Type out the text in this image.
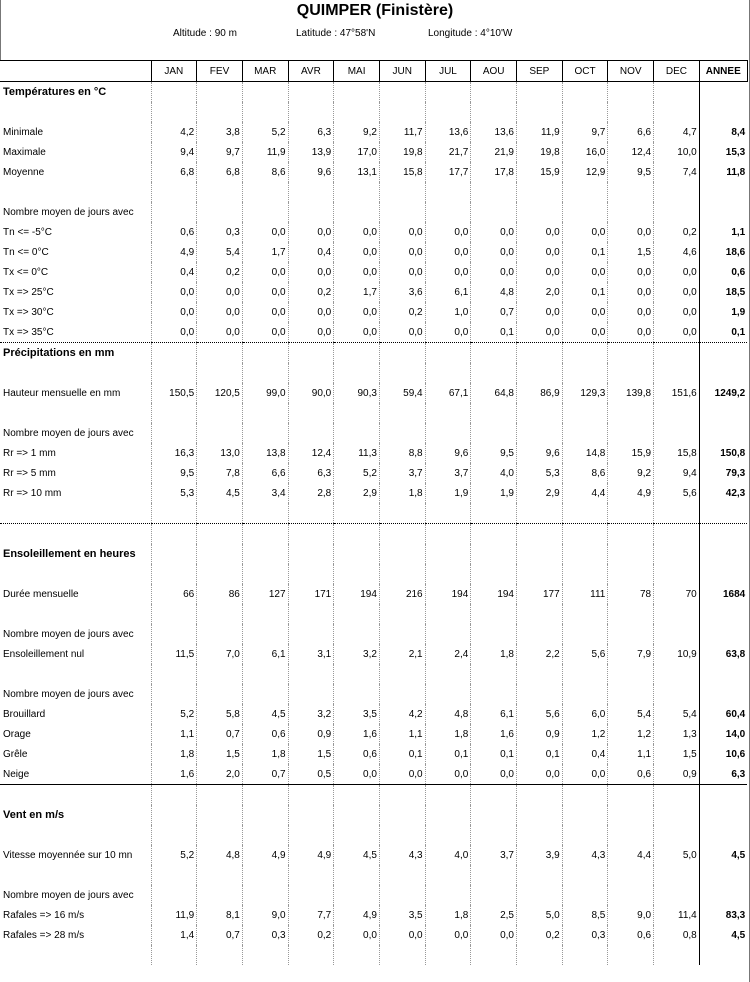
QUIMPER (Finistère)
Altitude : 90 m	Latitude : 47°58'N	Longitude : 4°10'W
	JAN	FEV	MAR	AVR	MAI	JUN	JUL	AOU	SEP	OCT	NOV	DEC	ANNEE
Températures en °C													

Minimale	4,2	3,8	5,2	6,3	9,2	11,7	13,6	13,6	11,9	9,7	6,6	4,7	8,4
Maximale	9,4	9,7	11,9	13,9	17,0	19,8	21,7	21,9	19,8	16,0	12,4	10,0	15,3
Moyenne	6,8	6,8	8,6	9,6	13,1	15,8	17,7	17,8	15,9	12,9	9,5	7,4	11,8

Nombre moyen de jours avec													
Tn <= -5°C	0,6	0,3	0,0	0,0	0,0	0,0	0,0	0,0	0,0	0,0	0,0	0,2	1,1
Tn <= 0°C	4,9	5,4	1,7	0,4	0,0	0,0	0,0	0,0	0,0	0,1	1,5	4,6	18,6
Tx <= 0°C	0,4	0,2	0,0	0,0	0,0	0,0	0,0	0,0	0,0	0,0	0,0	0,0	0,6
Tx => 25°C	0,0	0,0	0,0	0,2	1,7	3,6	6,1	4,8	2,0	0,1	0,0	0,0	18,5
Tx => 30°C	0,0	0,0	0,0	0,0	0,0	0,2	1,0	0,7	0,0	0,0	0,0	0,0	1,9
Tx => 35°C	0,0	0,0	0,0	0,0	0,0	0,0	0,0	0,1	0,0	0,0	0,0	0,0	0,1
Précipitations en mm													

Hauteur mensuelle en mm	150,5	120,5	99,0	90,0	90,3	59,4	67,1	64,8	86,9	129,3	139,8	151,6	1249,2

Nombre moyen de jours avec													
Rr => 1 mm	16,3	13,0	13,8	12,4	11,3	8,8	9,6	9,5	9,6	14,8	15,9	15,8	150,8
Rr => 5 mm	9,5	7,8	6,6	6,3	5,2	3,7	3,7	4,0	5,3	8,6	9,2	9,4	79,3
Rr => 10 mm	5,3	4,5	3,4	2,8	2,9	1,8	1,9	1,9	2,9	4,4	4,9	5,6	42,3

Ensoleillement en heures													

Durée mensuelle	66	86	127	171	194	216	194	194	177	111	78	70	1684

Nombre moyen de jours avec													
Ensoleillement nul	11,5	7,0	6,1	3,1	3,2	2,1	2,4	1,8	2,2	5,6	7,9	10,9	63,8

Nombre moyen de jours avec													
Brouillard	5,2	5,8	4,5	3,2	3,5	4,2	4,8	6,1	5,6	6,0	5,4	5,4	60,4
Orage	1,1	0,7	0,6	0,9	1,6	1,1	1,8	1,6	0,9	1,2	1,2	1,3	14,0
Grêle	1,8	1,5	1,8	1,5	0,6	0,1	0,1	0,1	0,1	0,4	1,1	1,5	10,6
Neige	1,6	2,0	0,7	0,5	0,0	0,0	0,0	0,0	0,0	0,0	0,6	0,9	6,3

Vent en m/s													

Vitesse moyennée sur 10 mn	5,2	4,8	4,9	4,9	4,5	4,3	4,0	3,7	3,9	4,3	4,4	5,0	4,5

Nombre moyen de jours avec													
Rafales => 16 m/s	11,9	8,1	9,0	7,7	4,9	3,5	1,8	2,5	5,0	8,5	9,0	11,4	83,3
Rafales => 28 m/s	1,4	0,7	0,3	0,2	0,0	0,0	0,0	0,0	0,2	0,3	0,6	0,8	4,5
